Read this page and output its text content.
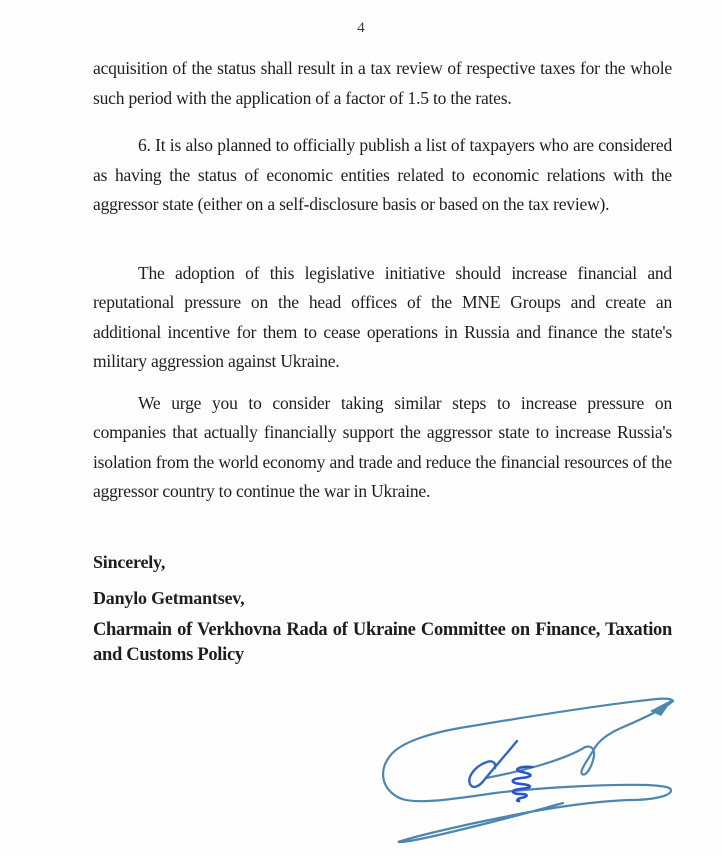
4

acquisition of the status shall result in a tax review of respective taxes for the whole such period with the application of a factor of 1.5 to the rates.

6. It is also planned to officially publish a list of taxpayers who are considered as having the status of economic entities related to economic relations with the aggressor state (either on a self-disclosure basis or based on the tax review).

The adoption of this legislative initiative should increase financial and reputational pressure on the head offices of the MNE Groups and create an additional incentive for them to cease operations in Russia and finance the state's military aggression against Ukraine.

We urge you to consider taking similar steps to increase pressure on companies that actually financially support the aggressor state to increase Russia's isolation from the world economy and trade and reduce the financial resources of the aggressor country to continue the war in Ukraine.

Sincerely,

Danylo Getmantsev,

Charmain of Verkhovna Rada of Ukraine Committee on Finance, Taxation
and Customs Policy
